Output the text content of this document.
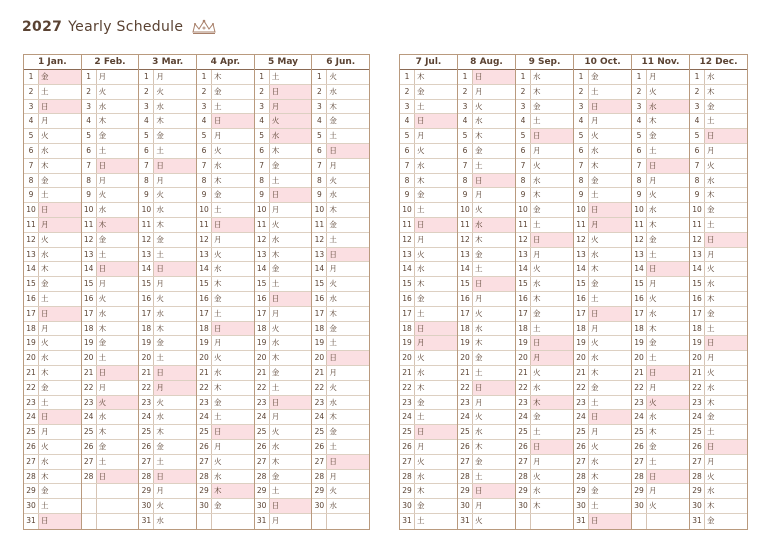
2027 Yearly Schedule
1 Jan.
1	金
2	土
3	日
4	月
5	火
6	水
7	木
8	金
9	土
10 日
11 月
12 火
13 水
14 木
15 金
16 土
17 日
18 月
19 火
20 水
21 木
22 金
23 土
24 日
25 月
26 火
27 水
28 木
29 金
30 土
31 日
2 Feb.
1	月
2	火
3	水
4	木
5	金
6	土
7	日
8	月
9	火
10 水
11 木
12 金
13 土
14 日
15 月
16 火
17 水
18 木
19 金
20 土
21 日
22 月
23 火
24 水
25 木
26 金
27 土
28 日
3 Mar.
1	月
2	火
3	水
4	木
5	金
6	土
7	日
8	月
9	火
10 水
11 木
12 金
13 土
14 日
15 月
16 火
17 水
18 木
19 金
20 土
21 日
22 月
23 火
24 水
25 木
26 金
27 土
28 日
29 月
30 火
31 水
4 Apr.
1	木
2	金
3	土
4	日
5	月
6	火
7	水
8	木
9	金
10 土
11 日
12 月
13 火
14 水
15 木
16 金
17 土
18 日
19 月
20 火
21 水
22 木
23 金
24 土
25 日
26 月
27 火
28 水
29 木
30 金
5 May
1	土
2	日
3	月
4	火
5	水
6	木
7	金
8	土
9	日
10 月
11 火
12 水
13 木
14 金
15 土
16 日
17 月
18 火
19 水
20 木
21 金
22 土
23 日
24 月
25 火
26 水
27 木
28 金
29 土
30 日
31 月
6 Jun.
1	火
2	水
3	木
4	金
5	土
6	日
7	月
8	火
9	水
10 木
11 金
12 土
13 日
14 月
15 火
16 水
17 木
18 金
19 土
20 日
21 月
22 火
23 水
24 木
25 金
26 土
27 日
28 月
29 火
30 水
7 Jul.
1	木
2	金
3	土
4	日
5	月
6	火
7	水
8	木
9	金
10 土
11 日
12 月
13 火
14 水
15 木
16 金
17 土
18 日
19 月
20 火
21 水
22 木
23 金
24 土
25 日
26 月
27 火
28 水
29 木
30 金
31 土
8 Aug.
1	日
2	月
3	火
4	水
5	木
6	金
7	土
8	日
9	月
10 火
11 水
12 木
13 金
14 土
15 日
16 月
17 火
18 水
19 木
20 金
21 土
22 日
23 月
24 火
25 水
26 木
27 金
28 土
29 日
30 月
31 火
9 Sep.
1	水
2	木
3	金
4	土
5	日
6	月
7	火
8	水
9	木
10 金
11 土
12 日
13 月
14 火
15 水
16 木
17 金
18 土
19 日
20 月
21 火
22 水
23 木
24 金
25 土
26 日
27 月
28 火
29 水
30 木
10 Oct.
1	金
2	土
3	日
4	月
5	火
6	水
7	木
8	金
9	土
10 日
11 月
12 火
13 水
14 木
15 金
16 土
17 日
18 月
19 火
20 水
21 木
22 金
23 土
24 日
25 月
26 火
27 水
28 木
29 金
30 土
31 日
11 Nov.
1	月
2	火
3	水
4	木
5	金
6	土
7	日
8	月
9	火
10 水
11 木
12 金
13 土
14 日
15 月
16 火
17 水
18 木
19 金
20 土
21 日
22 月
23 火
24 水
25 木
26 金
27 土
28 日
29 月
30 火
12 Dec.
1	水
2	木
3	金
4	土
5	日
6	月
7	火
8	水
9	木
10 金
11 土
12 日
13 月
14 火
15 水
16 木
17 金
18 土
19 日
20 月
21 火
22 水
23 木
24 金
25 土
26 日
27 月
28 火
29 水
30 木
31 金
